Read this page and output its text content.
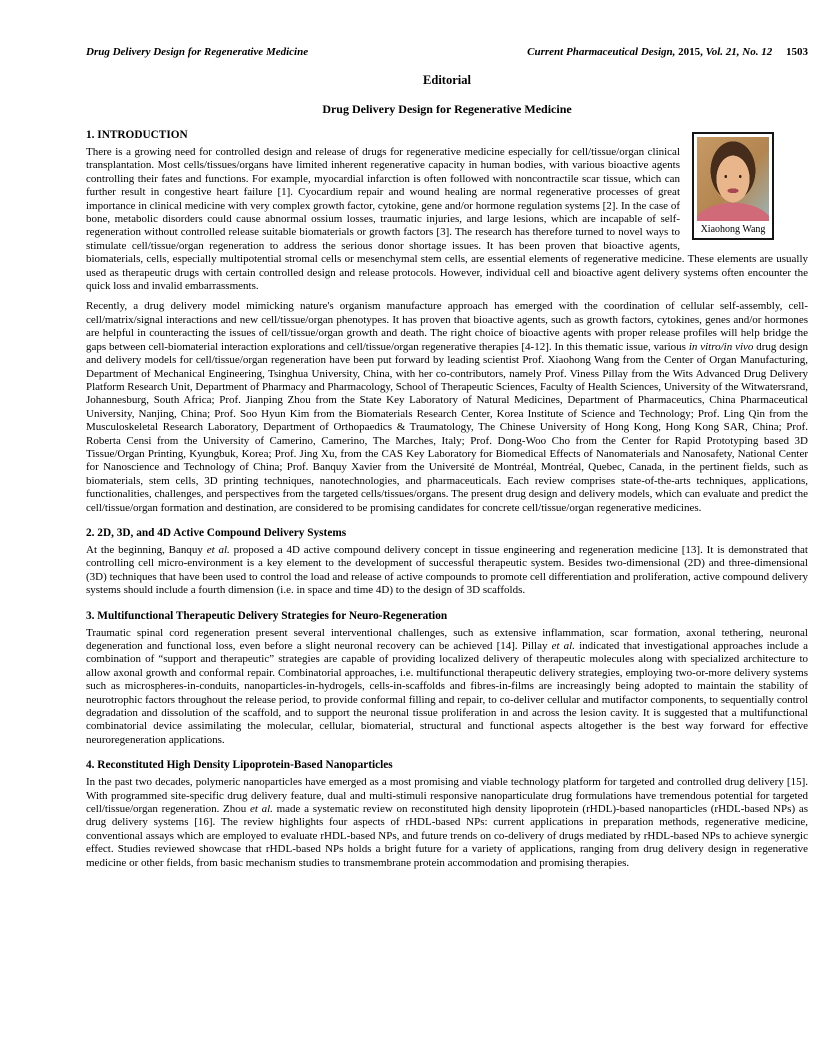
Drug Delivery Design for Regenerative Medicine	Current Pharmaceutical Design, 2015, Vol. 21, No. 12  1503
Editorial
Drug Delivery Design for Regenerative Medicine
Xiaohong Wang
1. INTRODUCTION

There is a growing need for controlled design and release of drugs for regenerative medicine especially for cell/tissue/organ clinical transplantation. Most cells/tissues/organs have limited inherent regenerative capacity in human bodies, with various bioactive agents controlling their fates and functions. For example, myocardial infarction is often followed with noncontractile scar tissue, which can further result in congestive heart failure [1]. Cyocardium repair and wound healing are normal regenerative processes of great importance in clinical medicine with very complex growth factor, cytokine, gene and/or hormone regulation systems [2]. In the case of bone, metabolic disorders could cause abnormal ossium losses, traumatic injuries, and large lesions, which are incapable of self-regeneration without controlled release suitable biomaterials or growth factors [3]. The research has therefore turned to novel ways to stimulate cell/tissue/organ regeneration to address the serious donor shortage issues. It has been proven that bioactive agents, biomaterials, cells, especially multipotential stromal cells or mesenchymal stem cells, are essential elements of regenerative medicine. These elements are usually used as therapeutic drugs with certain controlled design and release protocols. However, individual cell and bioactive agent delivery systems often encounter the quick loss and invalid embarrassments.

Recently, a drug delivery model mimicking nature's organism manufacture approach has emerged with the coordination of cellular self-assembly, cell-cell/matrix/signal interactions and new cell/tissue/organ phenotypes. It has proven that bioactive agents, such as growth factors, cytokines, genes and/or hormones are helpful in counteracting the issues of cell/tissue/organ growth and death. The right choice of bioactive agents with proper release profiles will help bridge the gaps between cell-biomaterial interaction explorations and cell/tissue/organ regenerative therapies [4-12]. In this thematic issue, various in vitro/in vivo drug design and delivery models for cell/tissue/organ regeneration have been put forward by leading scientist Prof. Xiaohong Wang from the Center of Organ Manufacturing, Department of Mechanical Engineering, Tsinghua University, China, with her co-contributors, namely Prof. Viness Pillay from the Wits Advanced Drug Delivery Platform Research Unit, Department of Pharmacy and Pharmacology, School of Therapeutic Sciences, Faculty of Health Sciences, University of the Witwatersrand, Johannesburg, South Africa; Prof. Jianping Zhou from the State Key Laboratory of Natural Medicines, Department of Pharmaceutics, China Pharmaceutical University, Nanjing, China; Prof. Soo Hyun Kim from the Biomaterials Research Center, Korea Institute of Science and Technology; Prof. Ling Qin from the Musculoskeletal Research Laboratory, Department of Orthopaedics & Traumatology, The Chinese University of Hong Kong, Hong Kong SAR, China; Prof. Roberta Censi from the University of Camerino, Camerino, The Marches, Italy; Prof. Dong-Woo Cho from the Center for Rapid Prototyping based 3D Tissue/Organ Printing, Kyungbuk, Korea; Prof. Jing Xu, from the CAS Key Laboratory for Biomedical Effects of Nanomaterials and Nanosafety, National Center for Nanoscience and Technology of China; Prof. Banquy Xavier from the Université de Montréal, Montréal, Quebec, Canada, in the pertinent fields, such as biomaterials, stem cells, 3D printing techniques, nanotechnologies, and pharmaceuticals. Each review comprises state-of-the-arts techniques, applications, functionalities, challenges, and perspectives from the targeted cells/tissues/organs. The present drug design and delivery models, which can evaluate and predict the cell/tissue/organ formation and destination, are considered to be promising candidates for concrete cell/tissue/organ regenerative medicines.

2. 2D, 3D, and 4D Active Compound Delivery Systems

At the beginning, Banquy et al. proposed a 4D active compound delivery concept in tissue engineering and regeneration medicine [13]. It is demonstrated that controlling cell micro-environment is a key element to the development of successful therapeutic system. Besides two-dimensional (2D) and three-dimensional (3D) techniques that have been used to control the load and release of active compounds to promote cell differentiation and proliferation, active compound delivery systems should include a fourth dimension (i.e. in space and time 4D) to the design of 3D scaffolds.

3. Multifunctional Therapeutic Delivery Strategies for Neuro-Regeneration

Traumatic spinal cord regeneration present several interventional challenges, such as extensive inflammation, scar formation, axonal tethering, neuronal degeneration and functional loss, even before a slight neuronal recovery can be achieved [14]. Pillay et al. indicated that investigational approaches include a combination of “support and therapeutic” strategies are capable of providing localized delivery of therapeutic molecules along with specialized architecture to allow axonal growth and conformal repair. Combinatorial approaches, i.e. multifunctional therapeutic delivery strategies, employing two-or-more delivery systems such as microspheres-in-conduits, nanoparticles-in-hydrogels, cells-in-scaffolds and fibres-in-films are increasingly being adopted to maintain the stability of neurotrophic factors throughout the release period, to provide conformal filling and repair, to co-deliver cellular and mutifactor components, to sequentially control degradation and dissolution of the scaffold, and to support the neuronal tissue proliferation in and across the lesion cavity. It is suggested that a multifunctional combinatorial device assimilating the molecular, cellular, biomaterial, structural and functional aspects altogether is the best way forward for effective neuroregeneration applications.

4. Reconstituted High Density Lipoprotein-Based Nanoparticles

In the past two decades, polymeric nanoparticles have emerged as a most promising and viable technology platform for targeted and controlled drug delivery [15]. With programmed site-specific drug delivery feature, dual and multi-stimuli responsive nanoparticulate drug formulations have tremendous potential for targeted cell/tissue/organ regeneration. Zhou et al. made a systematic review on reconstituted high density lipoprotein (rHDL)-based nanoparticles (rHDL-based NPs) as drug delivery systems [16]. The review highlights four aspects of rHDL-based NPs: current applications in preparation methods, regenerative medicine, conventional assays which are employed to evaluate rHDL-based NPs, and future trends on co-delivery of drugs mediated by rHDL-based NPs to achieve synergic effect. Studies reviewed showcase that rHDL-based NPs holds a bright future for a variety of applications, ranging from drug delivery design in regenerative medicine or other fields, from basic mechanism studies to transmembrane protein accommodation and promising therapies.
